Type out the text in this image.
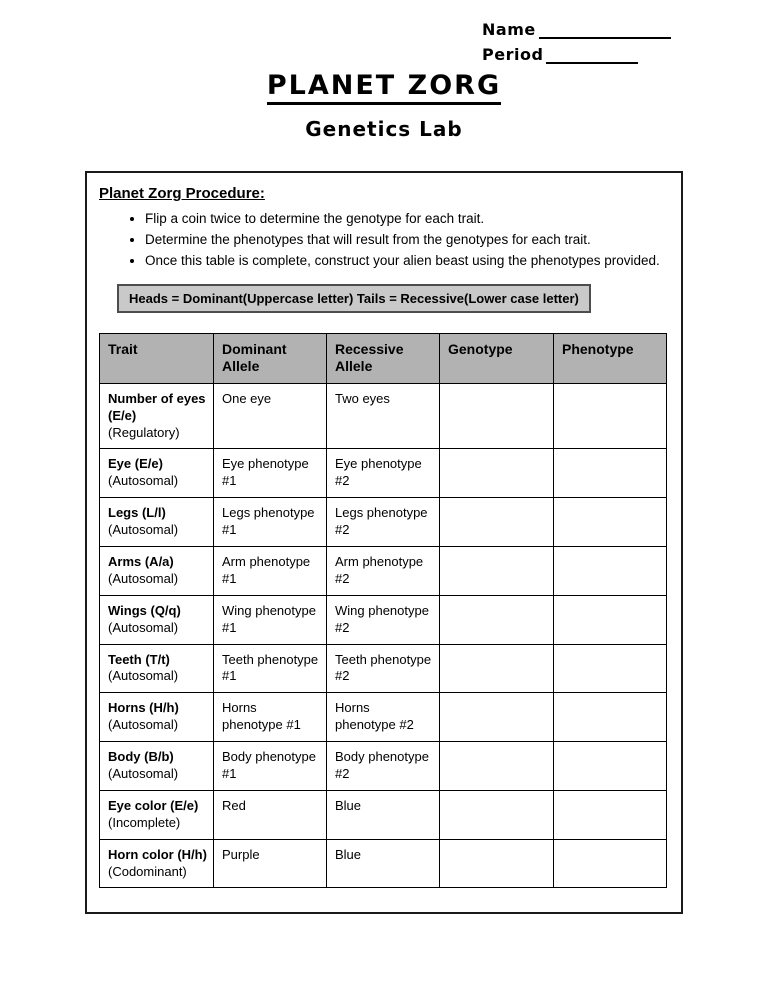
Name
Period
PLANET ZORG
Genetics Lab
Planet Zorg Procedure:
• Flip a coin twice to determine the genotype for each trait.
• Determine the phenotypes that will result from the genotypes for each trait.
• Once this table is complete, construct your alien beast using the phenotypes provided.
Heads = Dominant(Uppercase letter) Tails = Recessive(Lower case letter)
Trait	Dominant Allele	Recessive Allele	Genotype	Phenotype

Number of eyes (E/e)
(Regulatory)	One eye	Two eyes		

Eye (E/e)
(Autosomal)	Eye phenotype #1	Eye phenotype #2		

Legs (L/l)
(Autosomal)	Legs phenotype #1	Legs phenotype #2		

Arms (A/a)
(Autosomal)	Arm phenotype #1	Arm phenotype #2		

Wings (Q/q)
(Autosomal)	Wing phenotype #1	Wing phenotype #2		

Teeth (T/t)
(Autosomal)	Teeth phenotype #1	Teeth phenotype #2		

Horns (H/h)
(Autosomal)	Horns phenotype #1	Horns phenotype #2		

Body (B/b)
(Autosomal)	Body phenotype #1	Body phenotype #2		

Eye color (E/e)
(Incomplete)	Red	Blue		

Horn color (H/h)
(Codominant)	Purple	Blue		
